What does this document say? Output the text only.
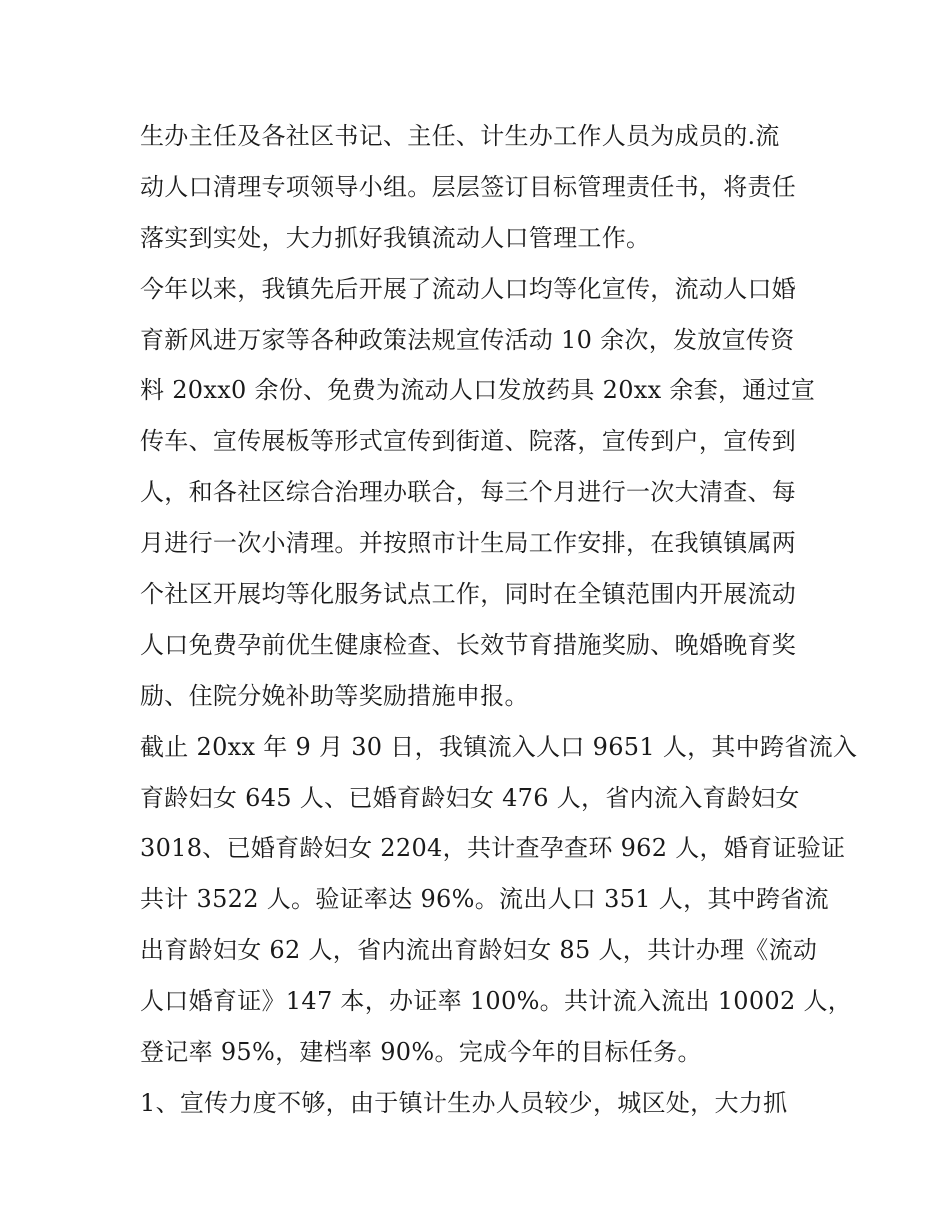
生办主任及各社区书记、主任、计生办工作人员为成员的.流
动人口清理专项领导小组。层层签订目标管理责任书，将责任
落实到实处，大力抓好我镇流动人口管理工作。
今年以来，我镇先后开展了流动人口均等化宣传，流动人口婚
育新风进万家等各种政策法规宣传活动 10 余次，发放宣传资
料 20xx0 余份、免费为流动人口发放药具 20xx 余套，通过宣
传车、宣传展板等形式宣传到街道、院落，宣传到户，宣传到
人，和各社区综合治理办联合，每三个月进行一次大清查、每
月进行一次小清理。并按照市计生局工作安排，在我镇镇属两
个社区开展均等化服务试点工作，同时在全镇范围内开展流动
人口免费孕前优生健康检查、长效节育措施奖励、晚婚晚育奖
励、住院分娩补助等奖励措施申报。
截止 20xx 年 9 月 30 日，我镇流入人口 9651 人，其中跨省流入
育龄妇女 645 人、已婚育龄妇女 476 人，省内流入育龄妇女
3018、已婚育龄妇女 2204，共计查孕查环 962 人，婚育证验证
共计 3522 人。验证率达 96%。流出人口 351 人，其中跨省流
出育龄妇女 62 人，省内流出育龄妇女 85 人，共计办理《流动
人口婚育证》147 本，办证率 100%。共计流入流出 10002 人，
登记率 95%，建档率 90%。完成今年的目标任务。
1、宣传力度不够，由于镇计生办人员较少，城区处，大力抓
